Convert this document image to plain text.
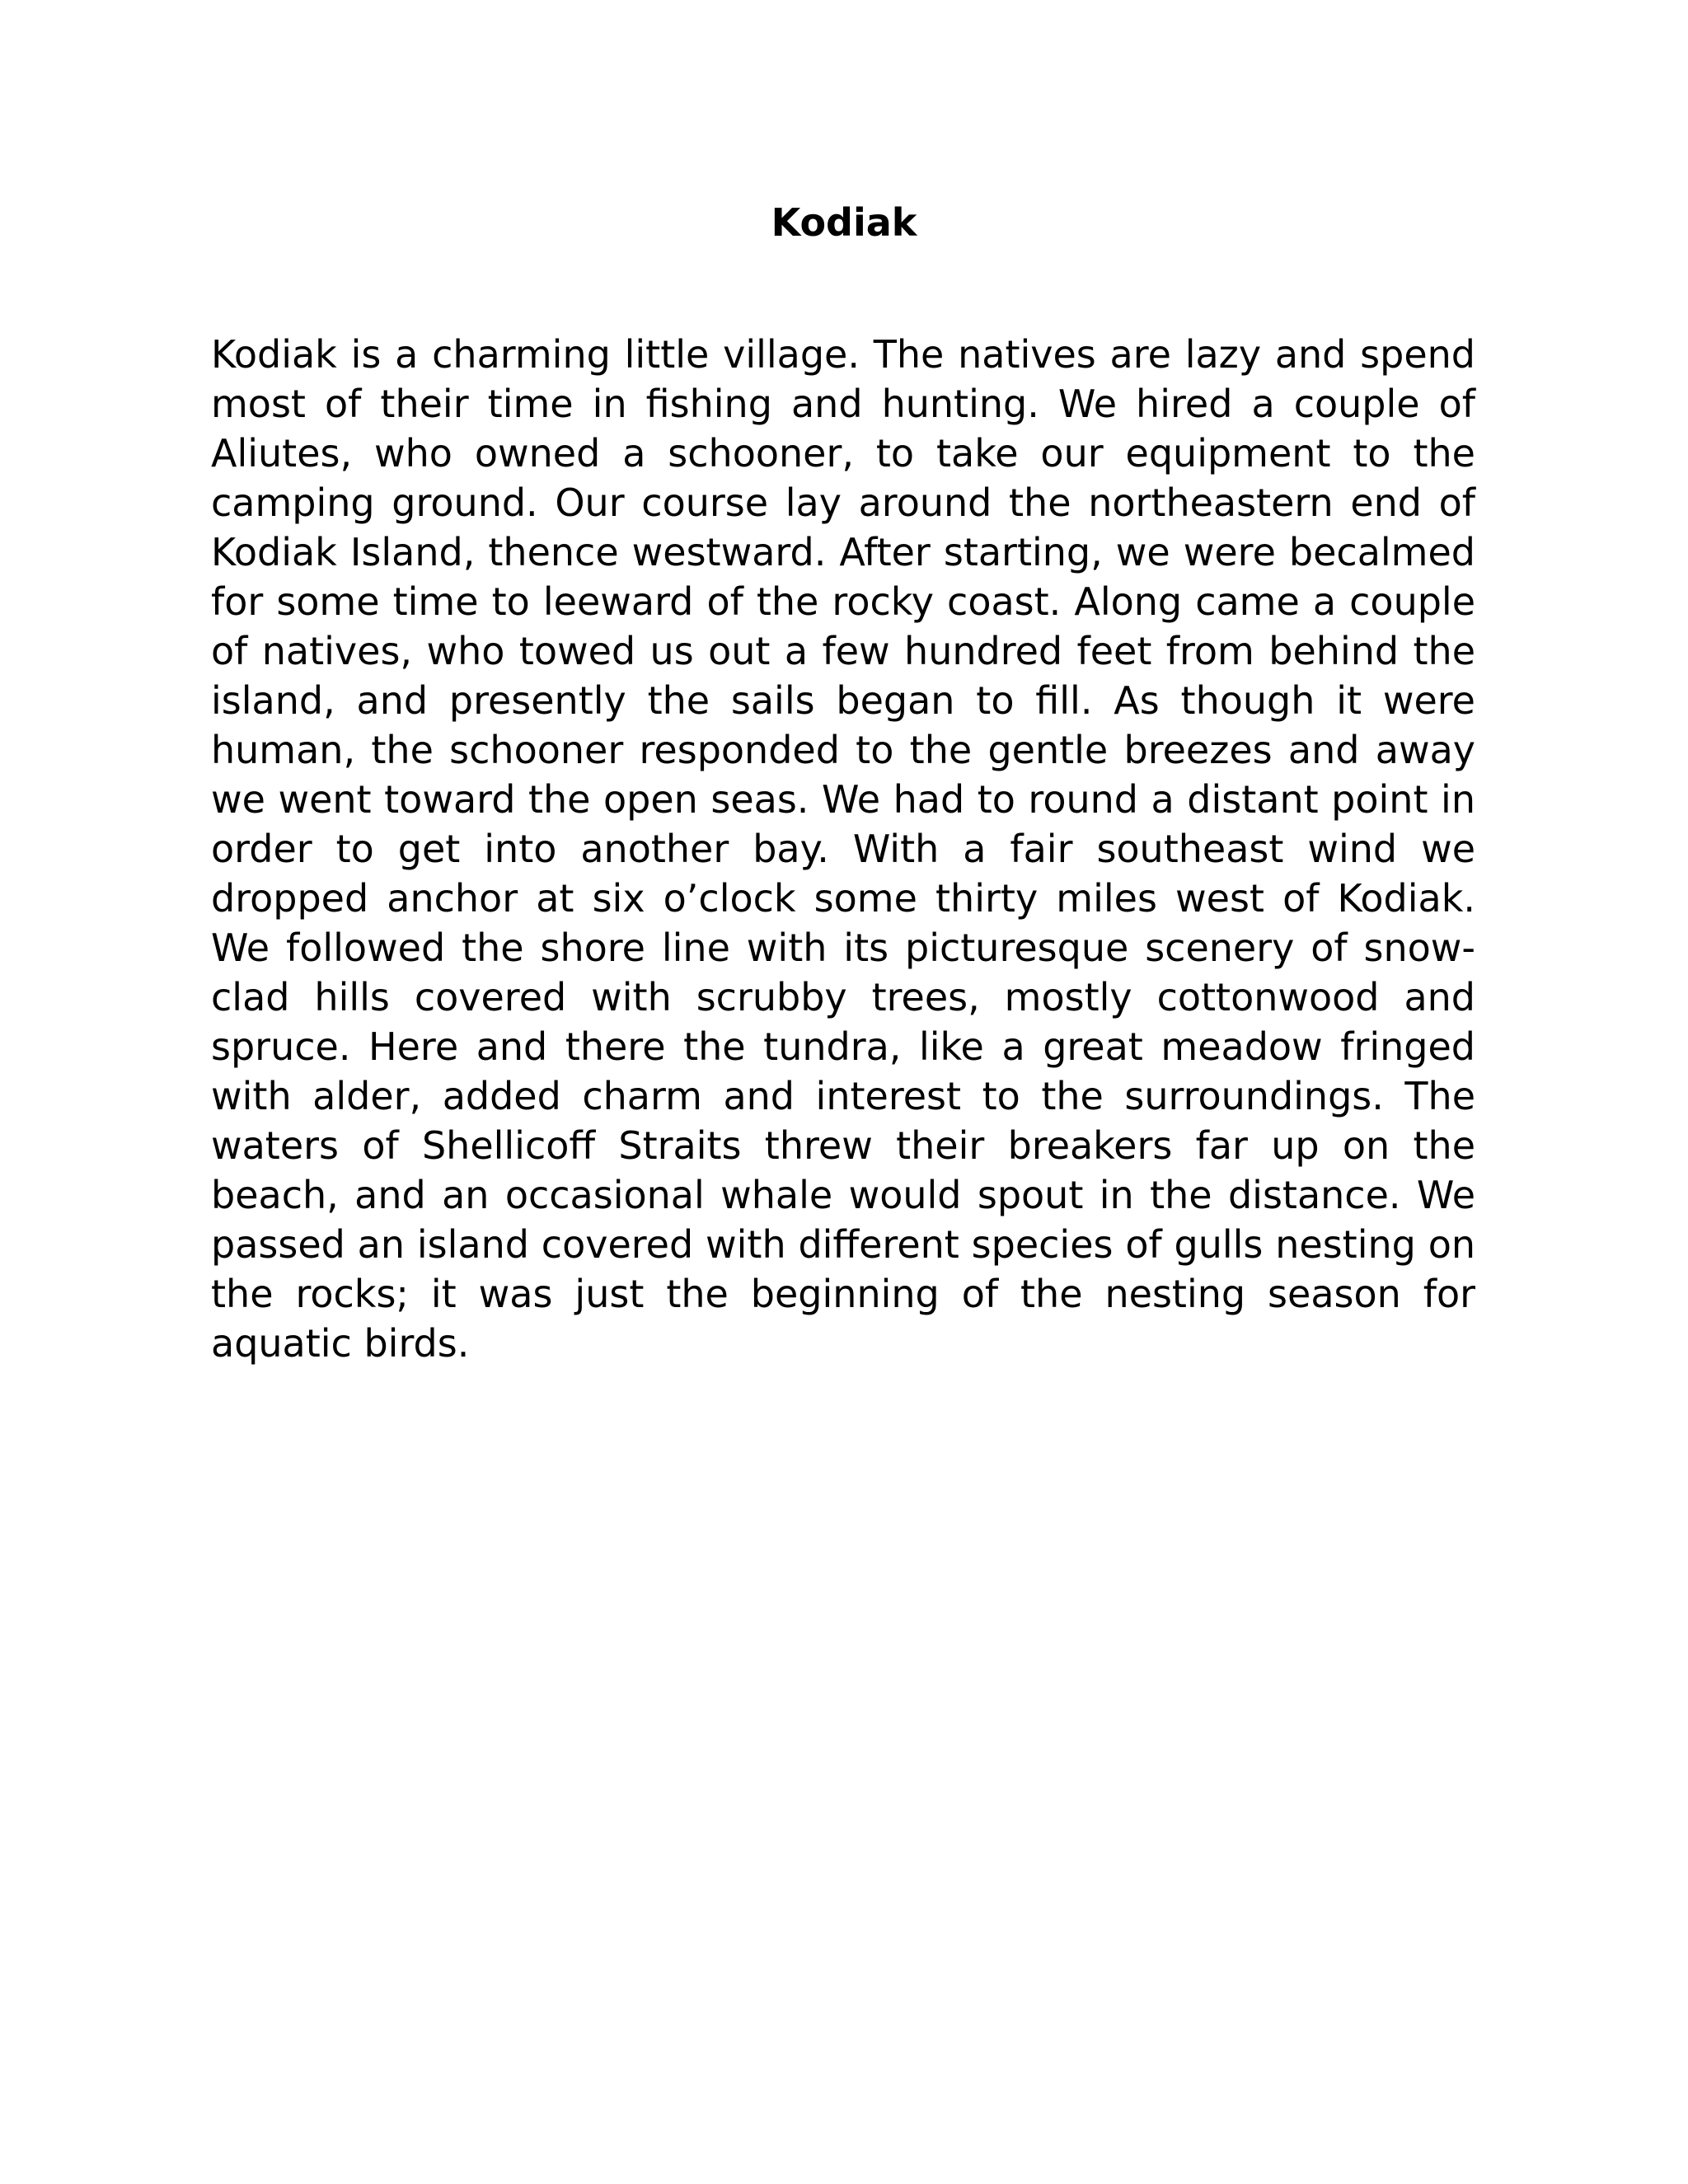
Kodiak

Kodiak is a charming little village. The natives are lazy and spend most of their time in fishing and hunting. We hired a couple of Aliutes, who owned a schooner, to take our equipment to the camping ground. Our course lay around the northeastern end of Kodiak Island, thence westward. After starting, we were becalmed for some time to leeward of the rocky coast. Along came a couple of natives, who towed us out a few hundred feet from behind the island, and presently the sails began to fill. As though it were human, the schooner responded to the gentle breezes and away we went toward the open seas. We had to round a distant point in order to get into another bay. With a fair southeast wind we dropped anchor at six o’clock some thirty miles west of Kodiak. We followed the shore line with its picturesque scenery of snow-clad hills covered with scrubby trees, mostly cottonwood and spruce. Here and there the tundra, like a great meadow fringed with alder, added charm and interest to the surroundings. The waters of Shellicoff Straits threw their breakers far up on the beach, and an occasional whale would spout in the distance. We passed an island covered with different species of gulls nesting on the rocks; it was just the beginning of the nesting season for aquatic birds.
